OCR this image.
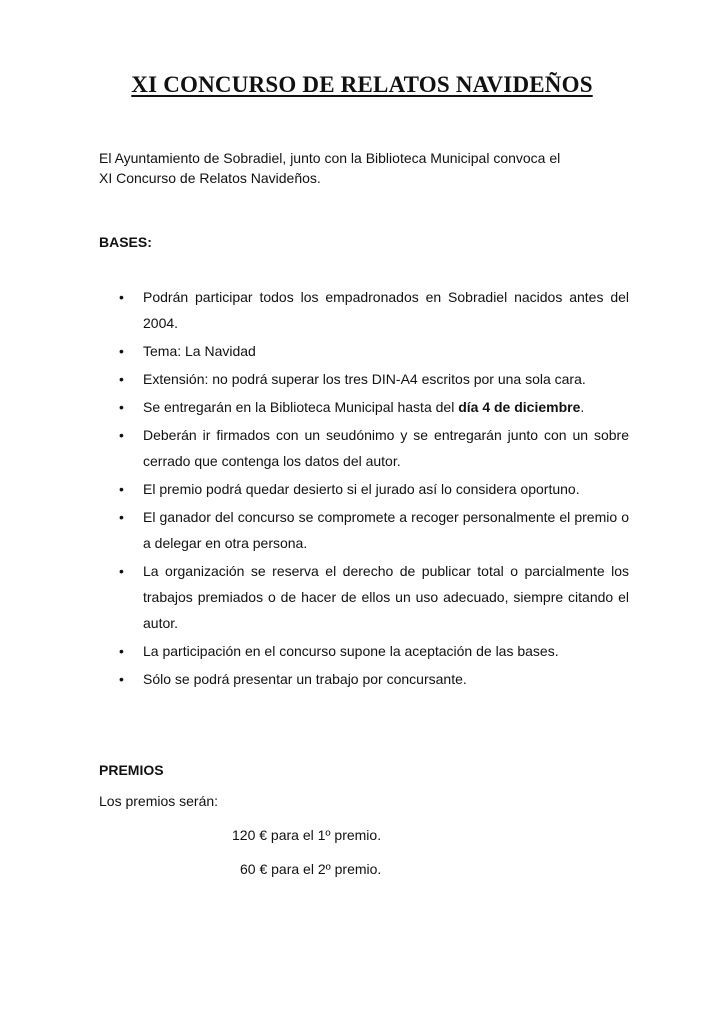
XI CONCURSO DE RELATOS NAVIDEÑOS
El Ayuntamiento de Sobradiel, junto con la Biblioteca Municipal convoca el
XI Concurso de Relatos Navideños.
BASES:
• Podrán participar todos los empadronados en Sobradiel nacidos antes del 2004.
• Tema: La Navidad
• Extensión: no podrá superar los tres DIN-A4 escritos por una sola cara.
• Se entregarán en la Biblioteca Municipal hasta del día 4 de diciembre.
• Deberán ir firmados con un seudónimo y se entregarán junto con un sobre cerrado que contenga los datos del autor.
• El premio podrá quedar desierto si el jurado así lo considera oportuno.
• El ganador del concurso se compromete a recoger personalmente el premio o a delegar en otra persona.
• La organización se reserva el derecho de publicar total o parcialmente los trabajos premiados o de hacer de ellos un uso adecuado, siempre citando el autor.
• La participación en el concurso supone la aceptación de las bases.
• Sólo se podrá presentar un trabajo por concursante.
PREMIOS
Los premios serán:
120 € para el 1º premio.
60 € para el 2º premio.
